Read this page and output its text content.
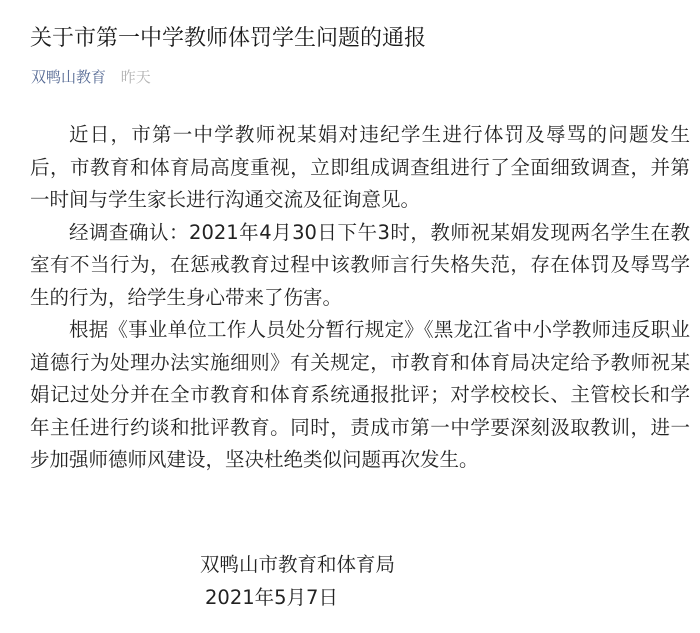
关于市第一中学教师体罚学生问题的通报
双鸭山教育 昨天

近日，市第一中学教师祝某娟对违纪学生进行体罚及辱骂的问题发生后，市教育和体育局高度重视，立即组成调查组进行了全面细致调查，并第一时间与学生家长进行沟通交流及征询意见。

经调查确认：2021年4月30日下午3时，教师祝某娟发现两名学生在教室有不当行为，在惩戒教育过程中该教师言行失格失范，存在体罚及辱骂学生的行为，给学生身心带来了伤害。

根据《事业单位工作人员处分暂行规定》《黑龙江省中小学教师违反职业道德行为处理办法实施细则》有关规定，市教育和体育局决定给予教师祝某娟记过处分并在全市教育和体育系统通报批评；对学校校长、主管校长和学年主任进行约谈和批评教育。同时，责成市第一中学要深刻汲取教训，进一步加强师德师风建设，坚决杜绝类似问题再次发生。

双鸭山市教育和体育局
2021年5月7日
